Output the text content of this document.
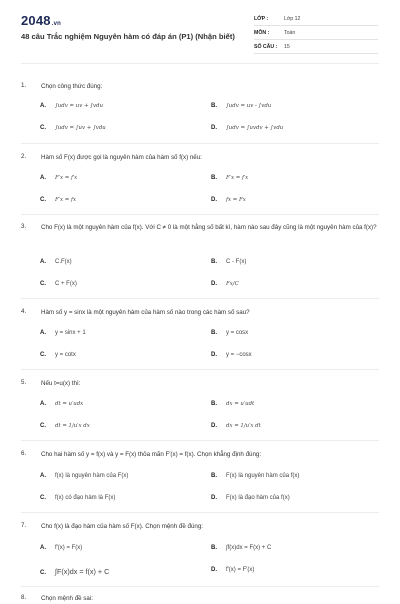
2048.vn
48 câu Trắc nghiệm Nguyên hàm có đáp án (P1) (Nhận biết)
LỚP :	Lớp 12
MÔN :	Toán
SỐ CÂU : 15
1. Chọn công thức đúng:
A. ∫udv = uv + ∫vdu	B. ∫udv = uv - ∫vdu
C. ∫udv = ∫uv + ∫vdu	D. ∫udv = ∫uvdv + ∫vdu
2. Hàm số F(x) được gọi là nguyên hàm của hàm số f(x) nếu:
A. F′x = f′x	B. F′x = f′x
C. F′x = fx	D. fx = Fx
3. Cho F(x) là một nguyên hàm của f(x). Với C ≠ 0 là một hằng số bất kì, hàm nào sau đây cũng là một nguyên hàm của f(x)?
A. C.F(x)	B. C - F(x)
C. C + F(x)	D. Fx/C
4. Hàm số y = sinx là một nguyên hàm của hàm số nào trong các hàm số sau?
A. y = sinx + 1	B. y = cosx
C. y = cotx	D. y = −cosx
5. Nếu t=u(x) thì:
A. dt = u′udx	B. dx = u′udt
C. dt = 1/u′x dx	D. dx = 1/u′x dt
6. Cho hai hàm số y = f(x) và y = F(x) thỏa mãn F′(x) = f(x). Chọn khẳng định đúng:
A. f(x) là nguyên hàm của F(x)	B. F(x) là nguyên hàm của f(x)
C. f(x) có đạo hàm là F(x)	D. F(x) là đạo hàm của f(x)
7. Cho f(x) là đạo hàm của hàm số F(x). Chọn mệnh đề đúng:
A. f′(x) = F(x)	B. ∫f(x)dx = F(x) + C
C. ∫F(x)dx = f(x) + C	D. f′(x) = F′(x)
8. Chọn mệnh đề sai:
